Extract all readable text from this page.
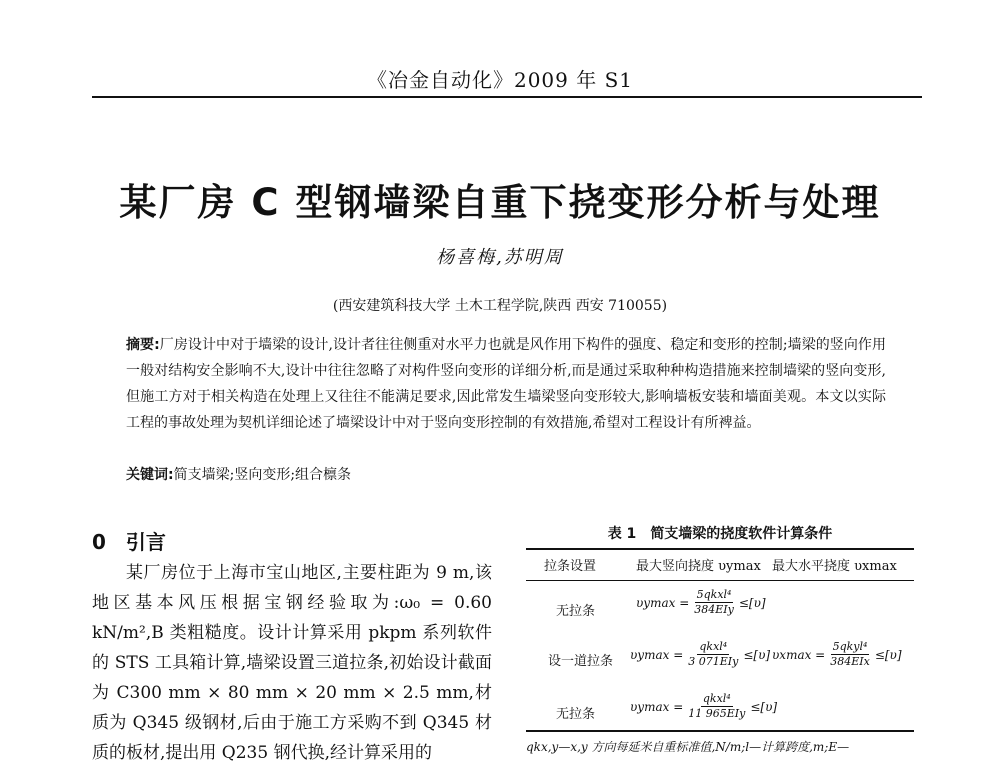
《冶金自动化》2009 年 S1
某厂房 C 型钢墙梁自重下挠变形分析与处理
杨喜梅,苏明周
(西安建筑科技大学 土木工程学院,陕西 西安 710055)
摘要:厂房设计中对于墙梁的设计,设计者往往侧重对水平力也就是风作用下构件的强度、稳定和变形的控制;墙梁的竖向作用一般对结构安全影响不大,设计中往往忽略了对构件竖向变形的详细分析,而是通过采取种种构造措施来控制墙梁的竖向变形,但施工方对于相关构造在处理上又往往不能满足要求,因此常发生墙梁竖向变形较大,影响墙板安装和墙面美观。本文以实际工程的事故处理为契机详细论述了墙梁设计中对于竖向变形控制的有效措施,希望对工程设计有所裨益。
关键词:简支墙梁;竖向变形;组合檩条
0 引言
某厂房位于上海市宝山地区,主要柱距为 9 m,该地区基本风压根据宝钢经验取为:ω₀ = 0.60 kN/m²,B 类粗糙度。设计计算采用 pkpm 系列软件的 STS 工具箱计算,墙梁设置三道拉条,初始设计截面为 C300 mm × 80 mm × 20 mm × 2.5 mm,材质为 Q345 级钢材,后由于施工方采购不到 Q345 材质的板材,提出用 Q235 钢代换,经计算采用的
表 1 简支墙梁的挠度软件计算条件
拉条设置	最大竖向挠度 υymax 最大水平挠度 υxmax
无拉条
$\upsilon ymax = \frac{\text{5qkxl⁴}}{\text{384EIy}} \le[\upsilon]$
设一道拉条 $\upsilon ymax = \frac{\text{qkxl⁴}}{\text{3 071EIy}} \le[\upsilon] \upsilon xmax = \frac{\text{5qkyl⁴}}{\text{384EIx}} \le[\upsilon]$
无拉条
$\upsilon ymax = \frac{\text{qkxl⁴}}{\text{11 965EIy}} \le[\upsilon]$
qkx,y—x,y 方向每延米自重标准值,N/m;l—计算跨度,m;E—
